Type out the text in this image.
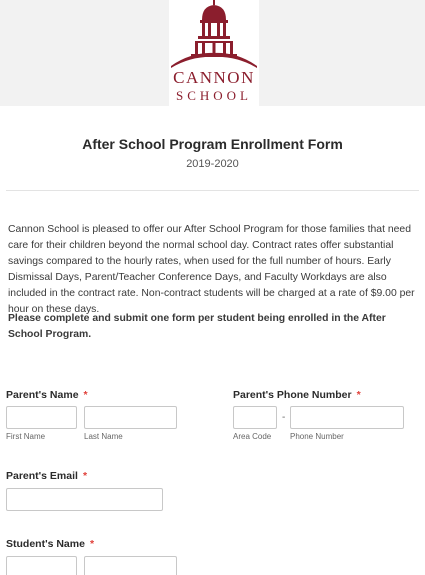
CANNON
SCHOOL
After School Program Enrollment Form
2019-2020
Cannon School is pleased to offer our After School Program for those families that need care for their children beyond the normal school day. Contract rates offer substantial savings compared to the hourly rates, when used for the full number of hours. Early Dismissal Days, Parent/Teacher Conference Days, and Faculty Workdays are also included in the contract rate. Non-contract students will be charged at a rate of $9.00 per hour on these days.
Please complete and submit one form per student being enrolled in the After School Program.
Parent's Name *
First Name	Last Name
Parent's Phone Number *
-
Area Code Phone Number
Parent's Email *
Student's Name *
